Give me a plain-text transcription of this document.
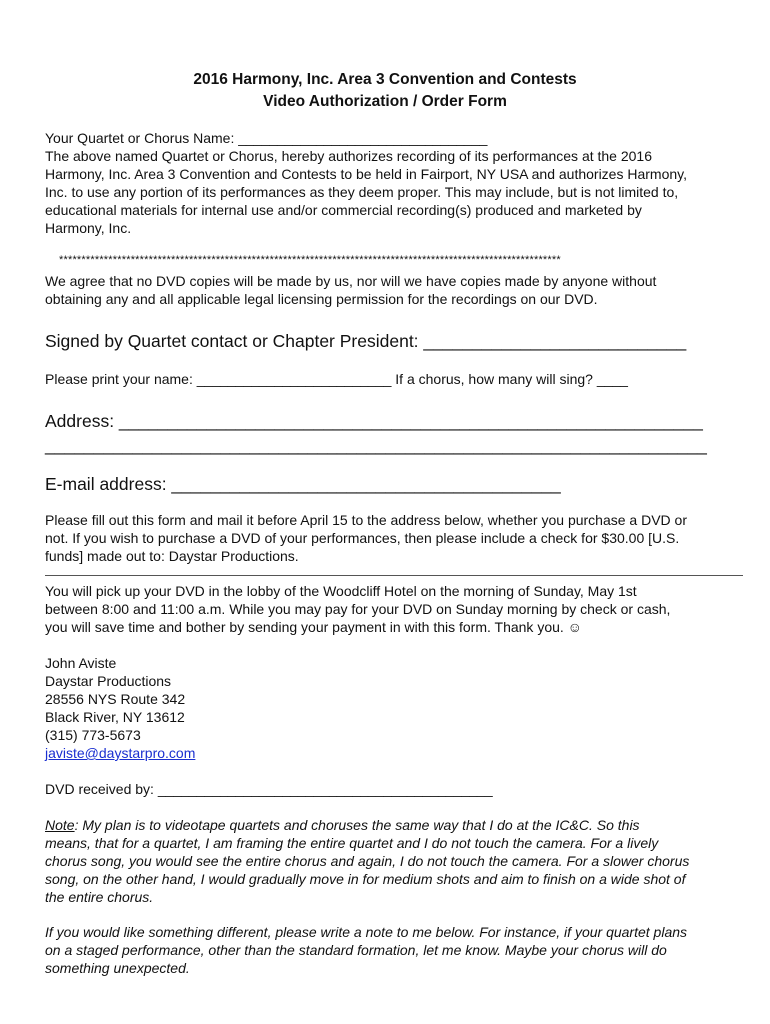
2016 Harmony, Inc. Area 3 Convention and Contests
Video Authorization / Order Form
Your Quartet or Chorus Name: ________________________________
The above named Quartet or Chorus, hereby authorizes recording of its performances at the 2016
Harmony, Inc. Area 3 Convention and Contests to be held in Fairport, NY USA and authorizes Harmony,
Inc. to use any portion of its performances as they deem proper. This may include, but is not limited to,
educational materials for internal use and/or commercial recording(s) produced and marketed by
Harmony, Inc.
****************************************************************************************************************
We agree that no DVD copies will be made by us, nor will we have copies made by anyone without
obtaining any and all applicable legal licensing permission for the recordings on our DVD.
Signed by Quartet contact or Chapter President: ___________________________
Please print your name: _________________________ If a chorus, how many will sing? ____
Address: ____________________________________________________________
____________________________________________________________________
E-mail address: ________________________________________
Please fill out this form and mail it before April 15 to the address below, whether you purchase a DVD or
not. If you wish to purchase a DVD of your performances, then please include a check for $30.00 [U.S.
funds] made out to: Daystar Productions.
You will pick up your DVD in the lobby of the Woodcliff Hotel on the morning of Sunday, May 1st
between 8:00 and 11:00 a.m. While you may pay for your DVD on Sunday morning by check or cash,
you will save time and bother by sending your payment in with this form. Thank you. ☺
John Aviste
Daystar Productions
28556 NYS Route 342
Black River, NY 13612
(315) 773-5673
javiste@daystarpro.com
DVD received by: ___________________________________________
Note: My plan is to videotape quartets and choruses the same way that I do at the IC&C. So this
means, that for a quartet, I am framing the entire quartet and I do not touch the camera. For a lively
chorus song, you would see the entire chorus and again, I do not touch the camera. For a slower chorus
song, on the other hand, I would gradually move in for medium shots and aim to finish on a wide shot of
the entire chorus.
If you would like something different, please write a note to me below. For instance, if your quartet plans
on a staged performance, other than the standard formation, let me know. Maybe your chorus will do
something unexpected.
